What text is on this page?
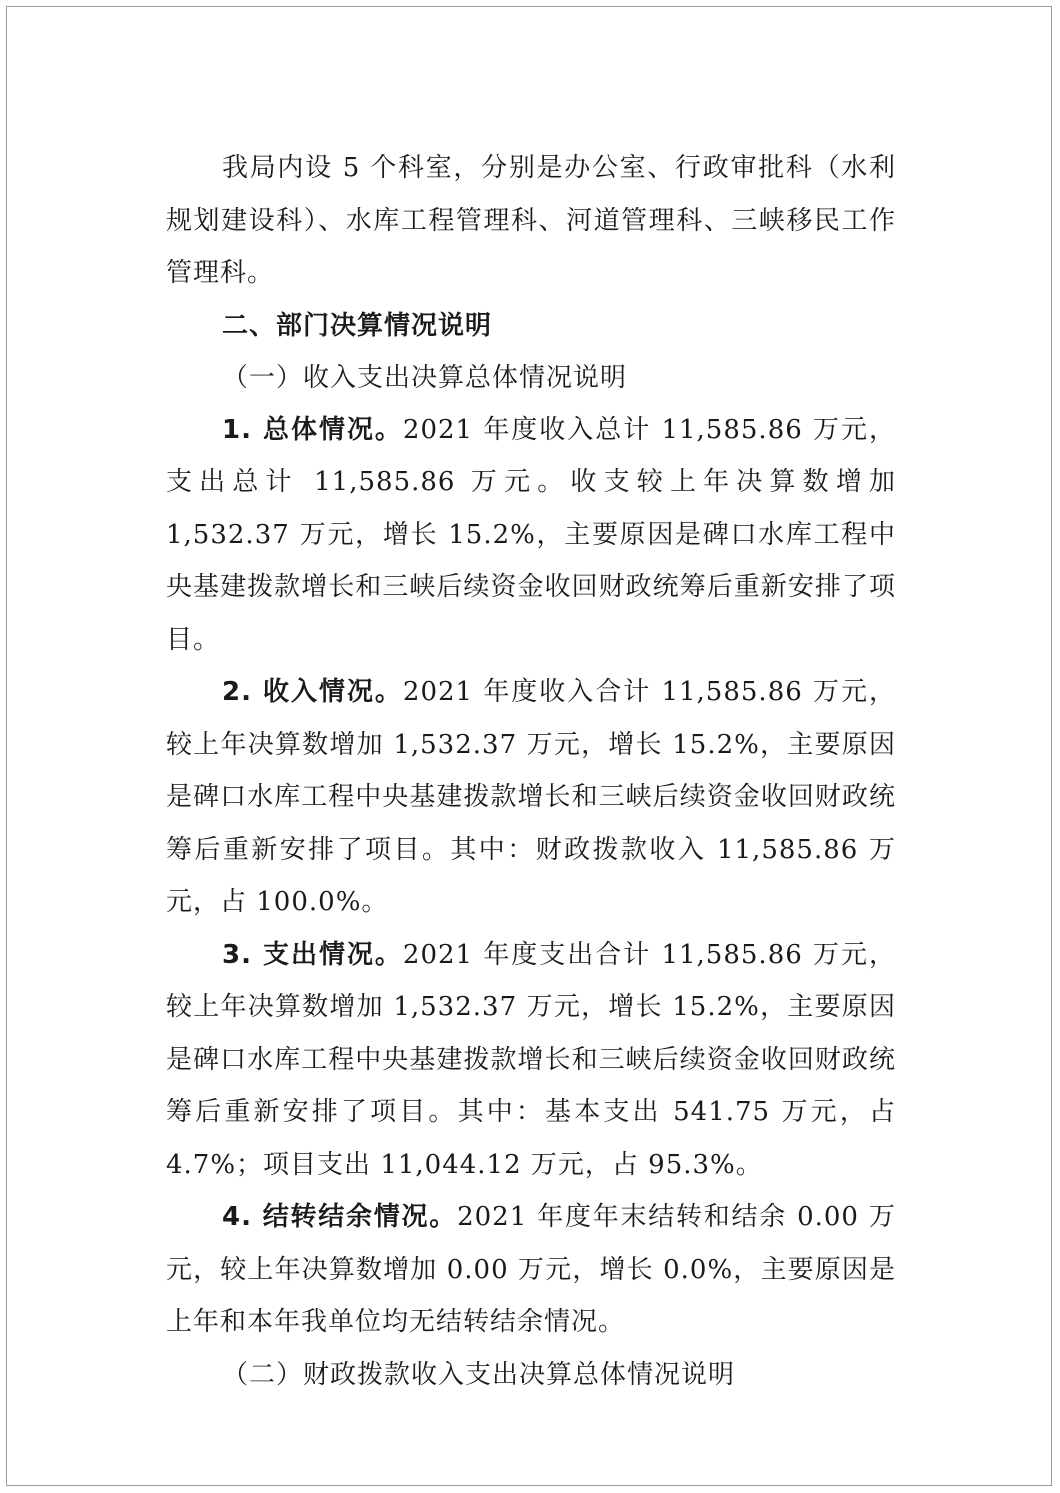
我局内设 5 个科室，分别是办公室、行政审批科（水利规划建设科）、水库工程管理科、河道管理科、三峡移民工作管理科。

二、部门决算情况说明

（一）收入支出决算总体情况说明

1. 总体情况。2021 年度收入总计 11,585.86 万元，支出总计 11,585.86 万元。收支较上年决算数增加 1,532.37 万元，增长 15.2%，主要原因是碑口水库工程中央基建拨款增长和三峡后续资金收回财政统筹后重新安排了项目。

2. 收入情况。2021 年度收入合计 11,585.86 万元，较上年决算数增加 1,532.37 万元，增长 15.2%，主要原因是碑口水库工程中央基建拨款增长和三峡后续资金收回财政统筹后重新安排了项目。其中：财政拨款收入 11,585.86 万元，占 100.0%。

3. 支出情况。2021 年度支出合计 11,585.86 万元，较上年决算数增加 1,532.37 万元，增长 15.2%，主要原因是碑口水库工程中央基建拨款增长和三峡后续资金收回财政统筹后重新安排了项目。其中：基本支出 541.75 万元，占 4.7%；项目支出 11,044.12 万元，占 95.3%。

4. 结转结余情况。2021 年度年末结转和结余 0.00 万元，较上年决算数增加 0.00 万元，增长 0.0%，主要原因是上年和本年我单位均无结转结余情况。

（二）财政拨款收入支出决算总体情况说明
